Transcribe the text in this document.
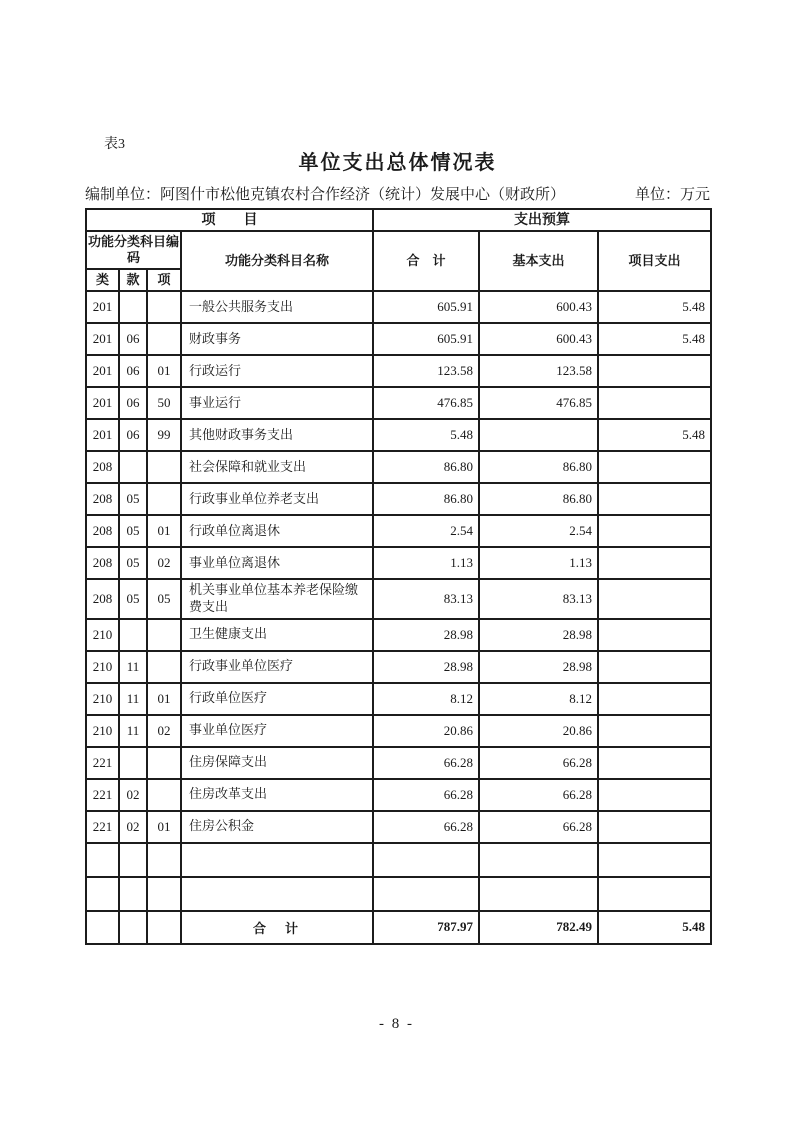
表3
单位支出总体情况表
编制单位：阿图什市松他克镇农村合作经济（统计）发展中心（财政所）	单位：万元
项　　目				支出预算		
功能分类科目编码			功能分类科目名称	合　计	基本支出	项目支出
类	款	项				
201			一般公共服务支出	605.91	600.43	5.48
201	06		财政事务	605.91	600.43	5.48
201	06	01	行政运行	123.58	123.58	
201	06	50	事业运行	476.85	476.85	
201	06	99	其他财政事务支出	5.48		5.48
208			社会保障和就业支出	86.80	86.80	
208	05		行政事业单位养老支出	86.80	86.80	
208	05	01	行政单位离退休	2.54	2.54	
208	05	02	事业单位离退休	1.13	1.13	
208	05	05	机关事业单位基本养老保险缴费支出	83.13	83.13	
210			卫生健康支出	28.98	28.98	
210	11		行政事业单位医疗	28.98	28.98	
210	11	01	行政单位医疗	8.12	8.12	
210	11	02	事业单位医疗	20.86	20.86	
221			住房保障支出	66.28	66.28	
221	02		住房改革支出	66.28	66.28	
221	02	01	住房公积金	66.28	66.28	

			合　计	787.97	782.49	5.48
- 8 -
